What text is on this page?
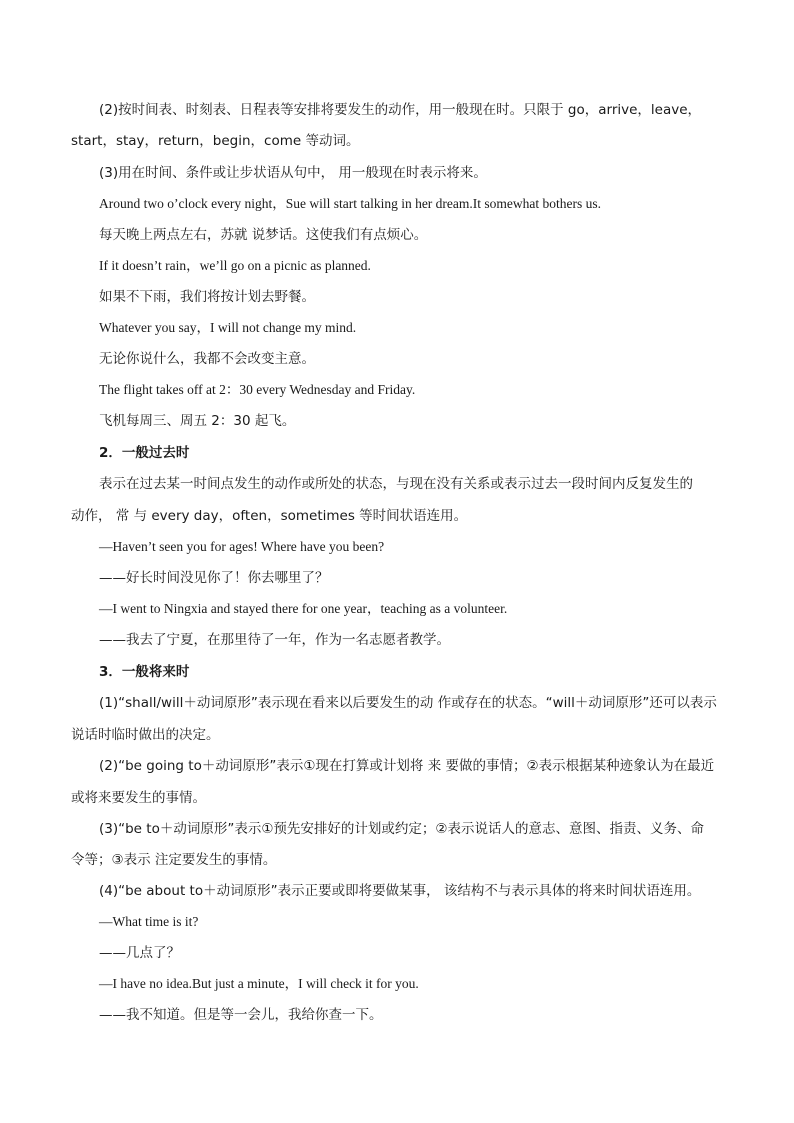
(2)按时间表、时刻表、日程表等安排将要发生的动作，用一般现在时。只限于 go，arrive，leave，
start，stay，return，begin，come 等动词。
(3)用在时间、条件或让步状语从句中， 用一般现在时表示将来。
Around two o’clock every night，Sue will start talking in her dream.It somewhat bothers us.
每天晚上两点左右，苏就 说梦话。这使我们有点烦心。
If it doesn’t rain，we’ll go on a picnic as planned.
如果不下雨，我们将按计划去野餐。
Whatever you say，I will not change my mind.
无论你说什么，我都不会改变主意。
The flight takes off at 2：30 every Wednesday and Friday.
飞机每周三、周五 2：30 起飞。
2．一般过去时
表示在过去某一时间点发生的动作或所处的状态，与现在没有关系或表示过去一段时间内反复发生的
动作， 常 与 every day，often，sometimes 等时间状语连用。
—Haven’t seen you for ages! Where have you been?
——好长时间没见你了！你去哪里了？
—I went to Ningxia and stayed there for one year，teaching as a volunteer.
——我去了宁夏，在那里待了一年，作为一名志愿者教学。
3．一般将来时
(1)“shall/will＋动词原形”表示现在看来以后要发生的动 作或存在的状态。“will＋动词原形”还可以表示
说话时临时做出的决定。
(2)“be going to＋动词原形”表示①现在打算或计划将 来 要做的事情；②表示根据某种迹象认为在最近
或将来要发生的事情。
(3)“be to＋动词原形”表示①预先安排好的计划或约定；②表示说话人的意志、意图、指责、义务、命
令等；③表示 注定要发生的事情。
(4)“be about to＋动词原形”表示正要或即将要做某事， 该结构不与表示具体的将来时间状语连用。
—What time is it?
——几点了？
—I have no idea.But just a minute，I will check it for you.
——我不知道。但是等一会儿，我给你查一下。
